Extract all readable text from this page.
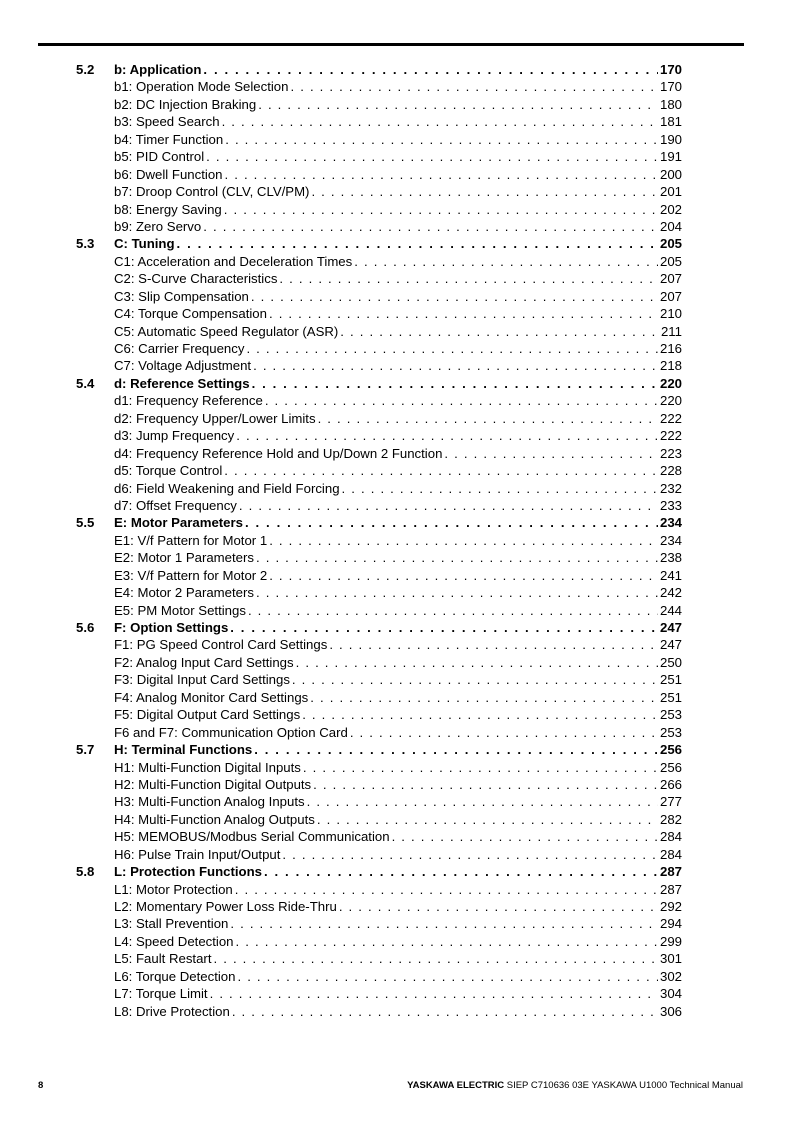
5.2	b: Application . . .	170
b1: Operation Mode Selection . . .	170
b2: DC Injection Braking . . .	180
b3: Speed Search . . .	181
b4: Timer Function . . .	190
b5: PID Control . . .	191
b6: Dwell Function . . .	200
b7: Droop Control (CLV, CLV/PM) . . .	201
b8: Energy Saving . . .	202
b9: Zero Servo . . .	204
5.3	C: Tuning . . .	205
C1: Acceleration and Deceleration Times . . .	205
C2: S-Curve Characteristics . . .	207
C3: Slip Compensation . . .	207
C4: Torque Compensation . . .	210
C5: Automatic Speed Regulator (ASR) . . .	211
C6: Carrier Frequency . . .	216
C7: Voltage Adjustment . . .	218
5.4	d: Reference Settings . . .	220
d1: Frequency Reference . . .	220
d2: Frequency Upper/Lower Limits . . .	222
d3: Jump Frequency . . .	222
d4: Frequency Reference Hold and Up/Down 2 Function . . .	223
d5: Torque Control . . .	228
d6: Field Weakening and Field Forcing . . .	232
d7: Offset Frequency . . .	233
5.5	E: Motor Parameters . . .	234
E1: V/f Pattern for Motor 1 . . .	234
E2: Motor 1 Parameters . . .	238
E3: V/f Pattern for Motor 2 . . .	241
E4: Motor 2 Parameters . . .	242
E5: PM Motor Settings . . .	244
5.6	F: Option Settings . . .	247
F1: PG Speed Control Card Settings . . .	247
F2: Analog Input Card Settings . . .	250
F3: Digital Input Card Settings . . .	251
F4: Analog Monitor Card Settings . . .	251
F5: Digital Output Card Settings . . .	253
F6 and F7: Communication Option Card . . .	253
5.7	H: Terminal Functions . . .	256
H1: Multi-Function Digital Inputs . . .	256
H2: Multi-Function Digital Outputs . . .	266
H3: Multi-Function Analog Inputs . . .	277
H4: Multi-Function Analog Outputs . . .	282
H5: MEMOBUS/Modbus Serial Communication . . .	284
H6: Pulse Train Input/Output . . .	284
5.8	L: Protection Functions . . .	287
L1: Motor Protection . . .	287
L2: Momentary Power Loss Ride-Thru . . .	292
L3: Stall Prevention . . .	294
L4: Speed Detection . . .	299
L5: Fault Restart . . .	301
L6: Torque Detection . . .	302
L7: Torque Limit . . .	304
L8: Drive Protection . . .	306
8	YASKAWA ELECTRIC SIEP C710636 03E YASKAWA U1000 Technical Manual
